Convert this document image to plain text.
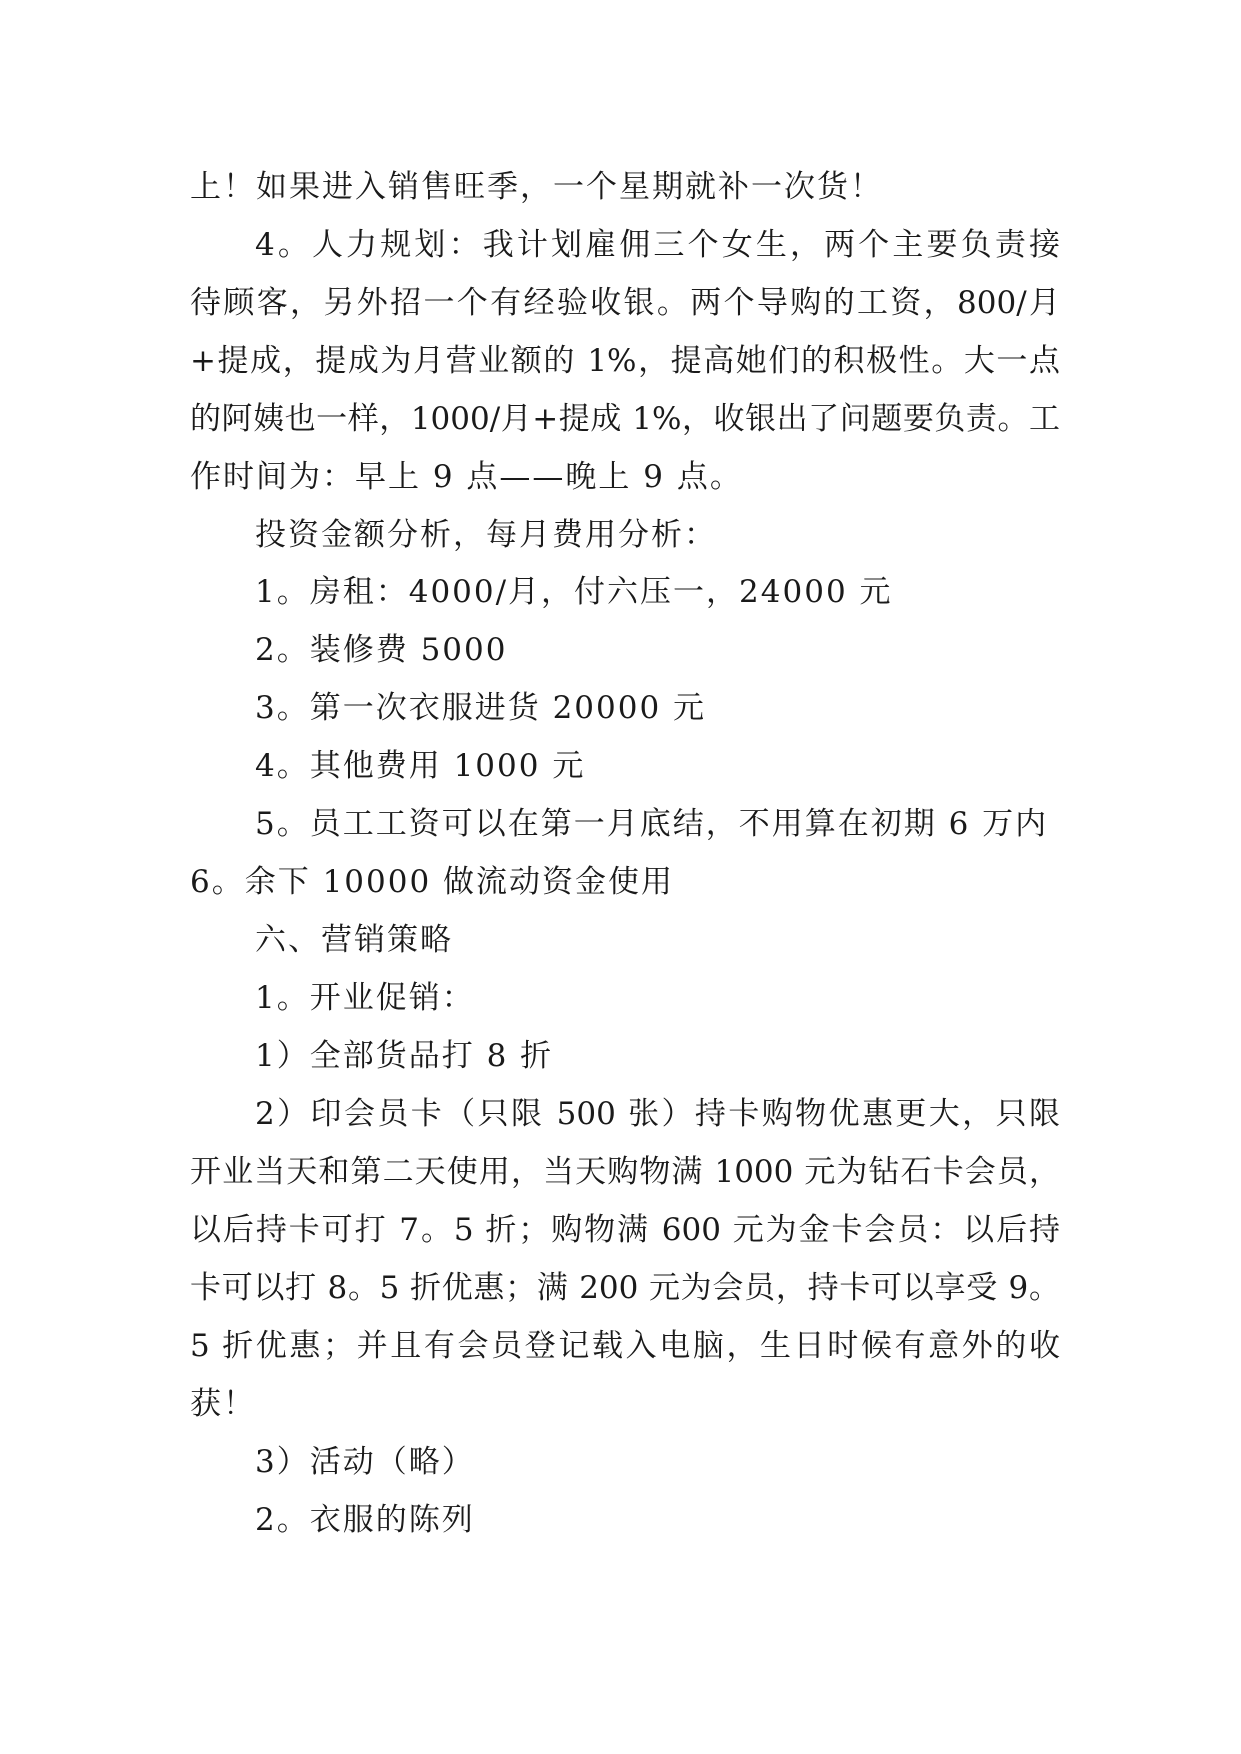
上！如果进入销售旺季，一个星期就补一次货！
4。人力规划：我计划雇佣三个女生，两个主要负责接
待顾客，另外招一个有经验收银。两个导购的工资，800/月
+提成，提成为月营业额的 1%，提高她们的积极性。大一点
的阿姨也一样，1000/月+提成 1%，收银出了问题要负责。工
作时间为：早上 9 点——晚上 9 点。
投资金额分析，每月费用分析：
1。房租：4000/月，付六压一，24000 元
2。装修费 5000
3。第一次衣服进货 20000 元
4。其他费用 1000 元
5。员工工资可以在第一月底结，不用算在初期 6 万内
6。余下 10000 做流动资金使用
六、营销策略
1。开业促销：
1）全部货品打 8 折
2）印会员卡（只限 500 张）持卡购物优惠更大，只限
开业当天和第二天使用，当天购物满 1000 元为钻石卡会员，
以后持卡可打 7。5 折；购物满 600 元为金卡会员：以后持
卡可以打 8。5 折优惠；满 200 元为会员，持卡可以享受 9。
5 折优惠；并且有会员登记载入电脑，生日时候有意外的收
获！
3）活动（略）
2。衣服的陈列
